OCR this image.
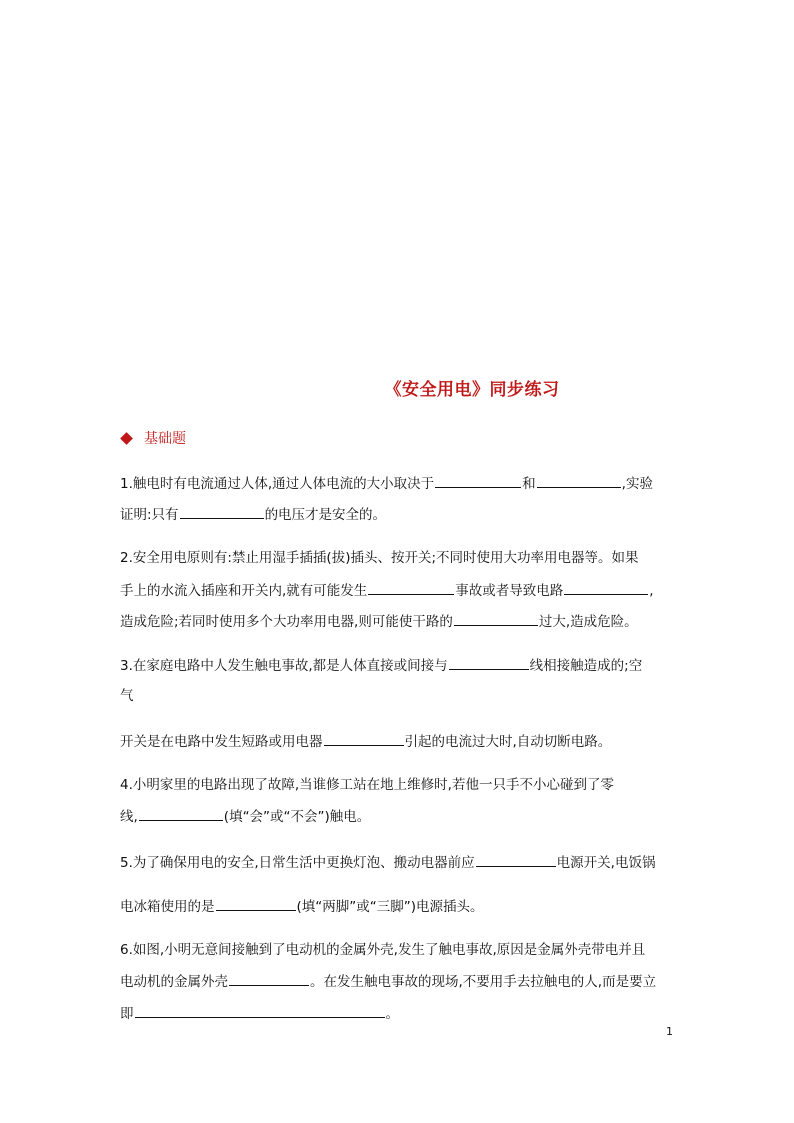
《安全用电》同步练习
基础题
1.触电时有电流通过人体,通过人体电流的大小取决于	和	,实验
证明:只有	的电压才是安全的。
2.安全用电原则有:禁止用湿手插插(拔)插头、按开关;不同时使用大功率用电器等。如果
手上的水流入插座和开关内,就有可能发生	事故或者导致电路	,
造成危险;若同时使用多个大功率用电器,则可能使干路的	过大,造成危险。
3.在家庭电路中人发生触电事故,都是人体直接或间接与	线相接触造成的;空
气
开关是在电路中发生短路或用电器	引起的电流过大时,自动切断电路。
4.小明家里的电路出现了故障,当谁修工站在地上维修时,若他一只手不小心碰到了零
线,	(填“会”或“不会”)触电。
5.为了确保用电的安全,日常生活中更换灯泡、搬动电器前应	电源开关,电饭锅
电冰箱使用的是	(填“两脚”或“三脚”)电源插头。
6.如图,小明无意间接触到了电动机的金属外壳,发生了触电事故,原因是金属外壳带电并且
电动机的金属外壳	。在发生触电事故的现场,不要用手去拉触电的人,而是要立
即	。
1
